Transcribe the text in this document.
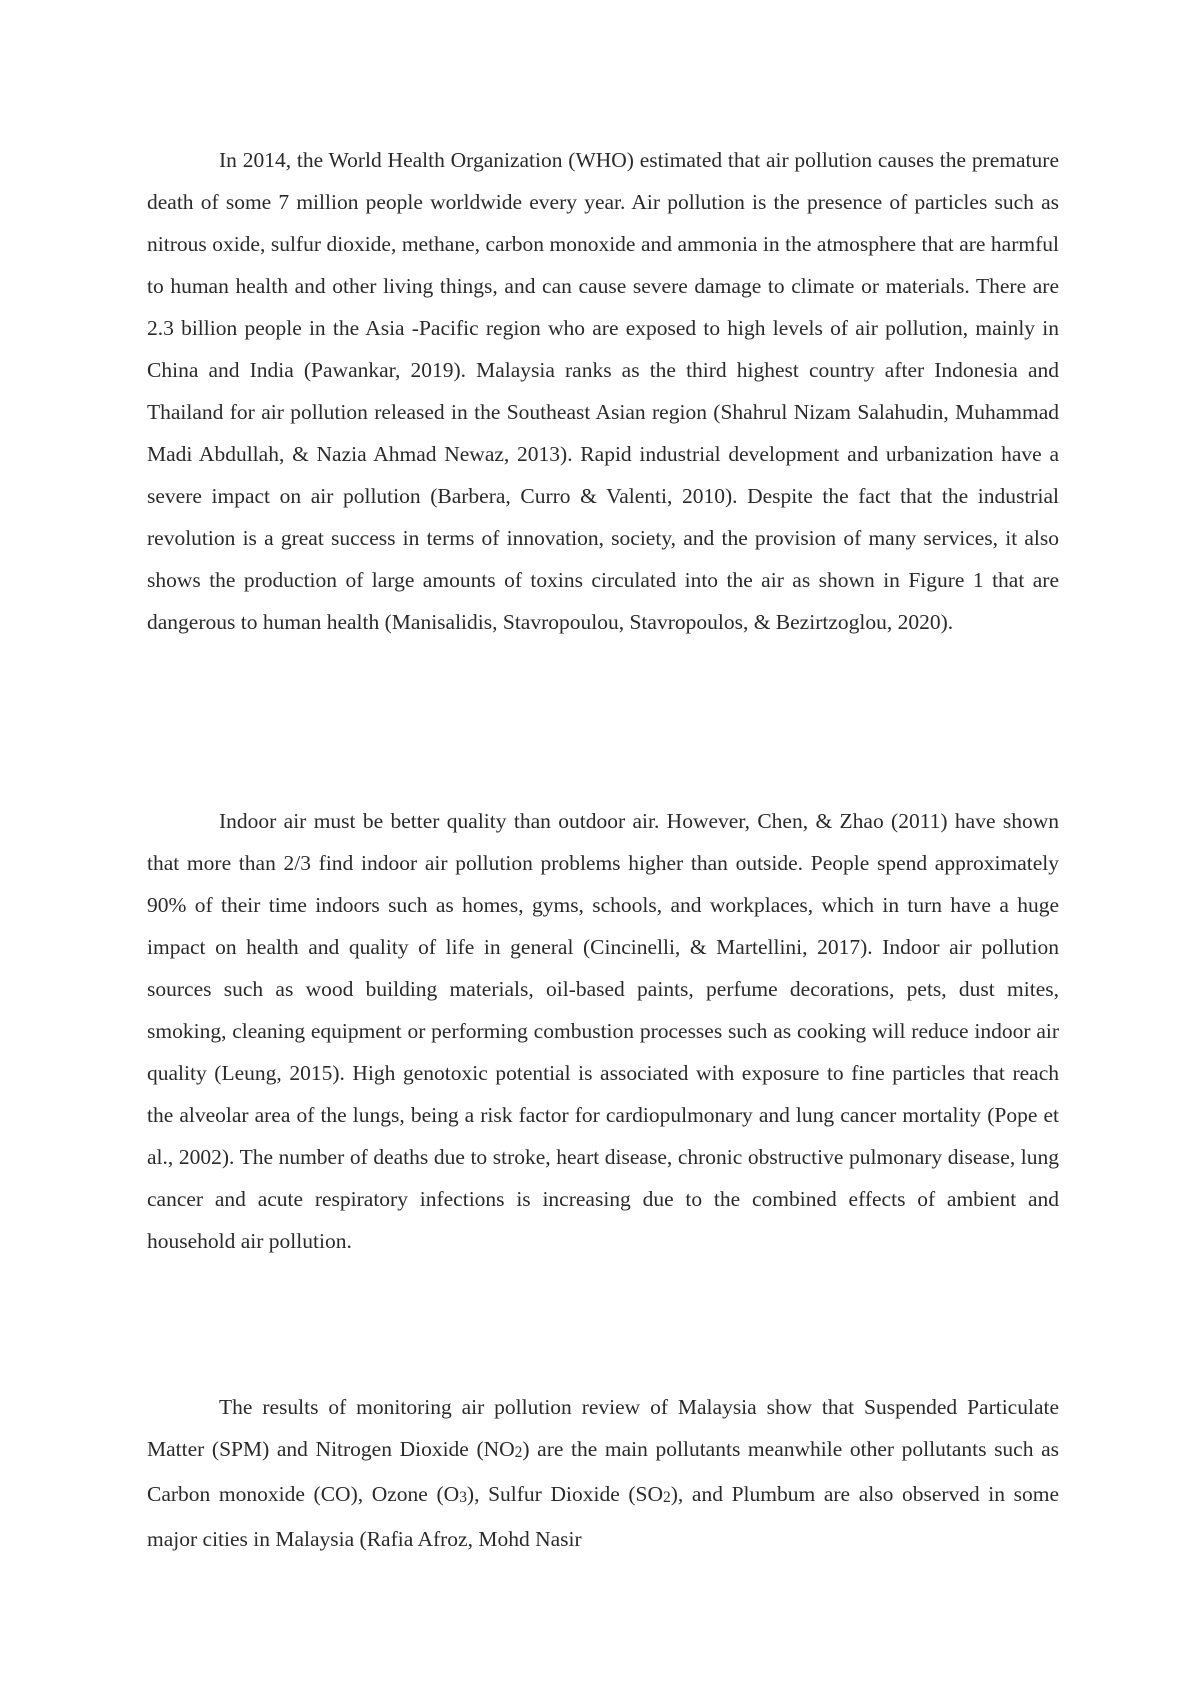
In 2014, the World Health Organization (WHO) estimated that air pollution causes the premature death of some 7 million people worldwide every year. Air pollution is the presence of particles such as nitrous oxide, sulfur dioxide, methane, carbon monoxide and ammonia in the atmosphere that are harmful to human health and other living things, and can cause severe damage to climate or materials. There are 2.3 billion people in the Asia -Pacific region who are exposed to high levels of air pollution, mainly in China and India (Pawankar, 2019). Malaysia ranks as the third highest country after Indonesia and Thailand for air pollution released in the Southeast Asian region (Shahrul Nizam Salahudin, Muhammad Madi Abdullah, & Nazia Ahmad Newaz, 2013). Rapid industrial development and urbanization have a severe impact on air pollution (Barbera, Curro & Valenti, 2010). Despite the fact that the industrial revolution is a great success in terms of innovation, society, and the provision of many services, it also shows the production of large amounts of toxins circulated into the air as shown in Figure 1 that are dangerous to human health (Manisalidis, Stavropoulou, Stavropoulos, & Bezirtzoglou, 2020).

Indoor air must be better quality than outdoor air. However, Chen, & Zhao (2011) have shown that more than 2/3 find indoor air pollution problems higher than outside. People spend approximately 90% of their time indoors such as homes, gyms, schools, and workplaces, which in turn have a huge impact on health and quality of life in general (Cincinelli, & Martellini, 2017). Indoor air pollution sources such as wood building materials, oil-based paints, perfume decorations, pets, dust mites, smoking, cleaning equipment or performing combustion processes such as cooking will reduce indoor air quality (Leung, 2015). High genotoxic potential is associated with exposure to fine particles that reach the alveolar area of the lungs, being a risk factor for cardiopulmonary and lung cancer mortality (Pope et al., 2002). The number of deaths due to stroke, heart disease, chronic obstructive pulmonary disease, lung cancer and acute respiratory infections is increasing due to the combined effects of ambient and household air pollution.

The results of monitoring air pollution review of Malaysia show that Suspended Particulate Matter (SPM) and Nitrogen Dioxide $(NO_2)$ are the main pollutants meanwhile other pollutants such as Carbon monoxide (CO), Ozone $(O_3)$, Sulfur Dioxide $(SO_2)$, and Plumbum are also observed in some major cities in Malaysia (Rafia Afroz, Mohd Nasir
